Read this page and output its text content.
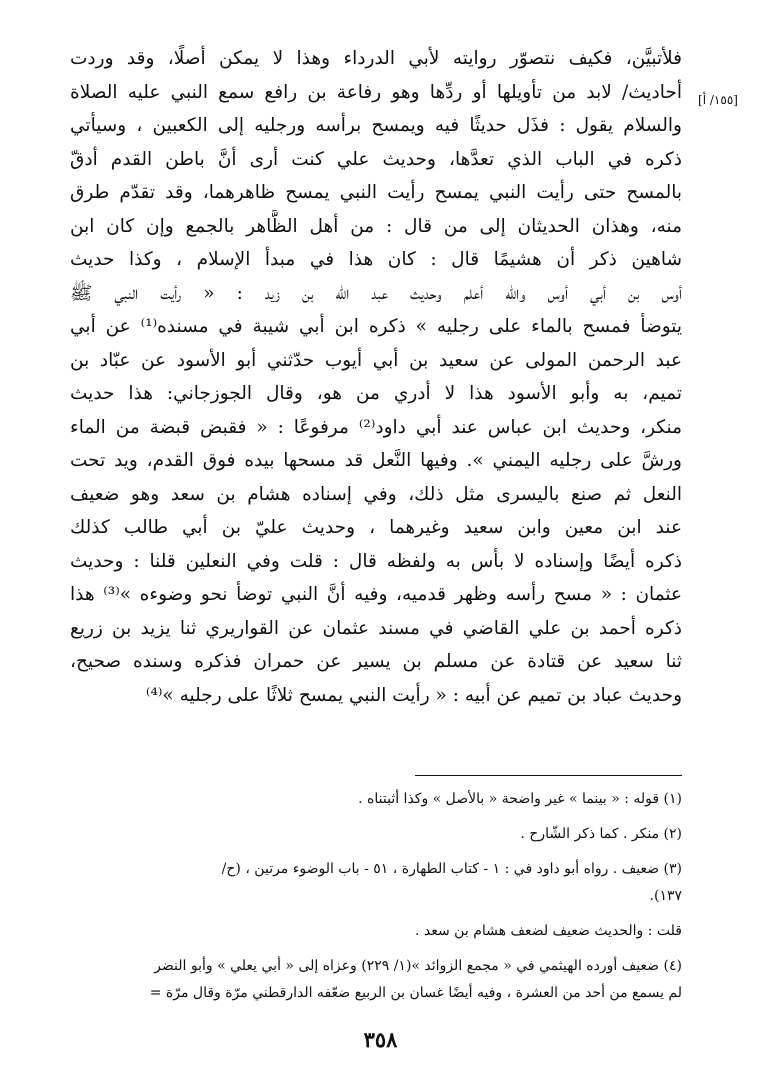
[١٥٥/ أ]
فلأتبيَّن، فكيف نتصوّر روايته لأبي الدرداء وهذا لا يمكن أصلًا، وقد وردت
أحاديث/ لابد من تأويلها أو ردِّها وهو رفاعة بن رافع سمع النبي عليه الصلاة
والسلام يقول : فذَل حديثًا فيه ويمسح برأسه ورجليه إلى الكعبين ، وسيأتي
ذكره في الباب الذي تعدَّها، وحديث علي كنت أرى أنَّ باطن القدم أدقّ
بالمسح حتى رأيت النبي يمسح رأيت النبي يمسح ظاهرهما، وقد تقدّم طرق
منه، وهذان الحديثان إلى من قال : من أهل الظَّاهر بالجمع وإن كان ابن
شاهين ذكر أن هشيمًا قال : كان هذا في مبدأ الإسلام ، وكذا حديث
أوس بن أبي أوس والله أعلم وحديث عبد الله بن زيد : « رأيت النبي ﷺ
يتوضأ فمسح بالماء على رجليه » ذكره ابن أبي شيبة في مسنده⁽¹⁾ عن أبي
عبد الرحمن المولى عن سعيد بن أبي أيوب حدّثني أبو الأسود عن عبّاد بن
تميم، به وأبو الأسود هذا لا أدري من هو، وقال الجوزجاني: هذا حديث
منكر، وحديث ابن عباس عند أبي داود⁽²⁾ مرفوعًا : « فقبض قبضة من الماء
ورشَّ على رجليه اليمني ». وفيها النَّعل قد مسحها بيده فوق القدم، ويد تحت
النعل ثم صنع باليسرى مثل ذلك، وفي إسناده هشام بن سعد وهو ضعيف
عند ابن معين وابن سعيد وغيرهما ، وحديث عليّ بن أبي طالب كذلك
ذكره أيضًا وإسناده لا بأس به ولفظه قال : قلت وفي النعلين قلنا : وحديث
عثمان : « مسح رأسه وظهر قدميه، وفيه أنَّ النبي توضأ نحو وضوءه »⁽³⁾ هذا
ذكره أحمد بن علي القاضي في مسند عثمان عن القواريري ثنا يزيد بن زريع
ثنا سعيد عن قتادة عن مسلم بن يسير عن حمران فذكره وسنده صحيح،
وحديث عباد بن تميم عن أبيه : « رأيت النبي يمسح ثلاثًا على رجليه »⁽⁴⁾
(١) قوله : « بينما » غير واضحة « بالأصل » وكذا أثبتناه .
(٢) منكر . كما ذكر الشّارح .
(٣) ضعيف . رواه أبو داود في : ١ - كتاب الطهارة ، ٥١ - باب الوضوء مرتين ، (ح/
١٣٧).
قلت : والحديث ضعيف لضعف هشام بن سعد .
(٤) ضعيف أورده الهيثمي في « مجمع الزوائد »(١/ ٢٢٩) وعزاه إلى « أبي يعلي » وأبو النضر
لم يسمع من أحد من العشرة ، وفيه أيضًا غسان بن الربيع ضعّفه الدارقطني مرّة وقال مرّة =
٣٥٨
